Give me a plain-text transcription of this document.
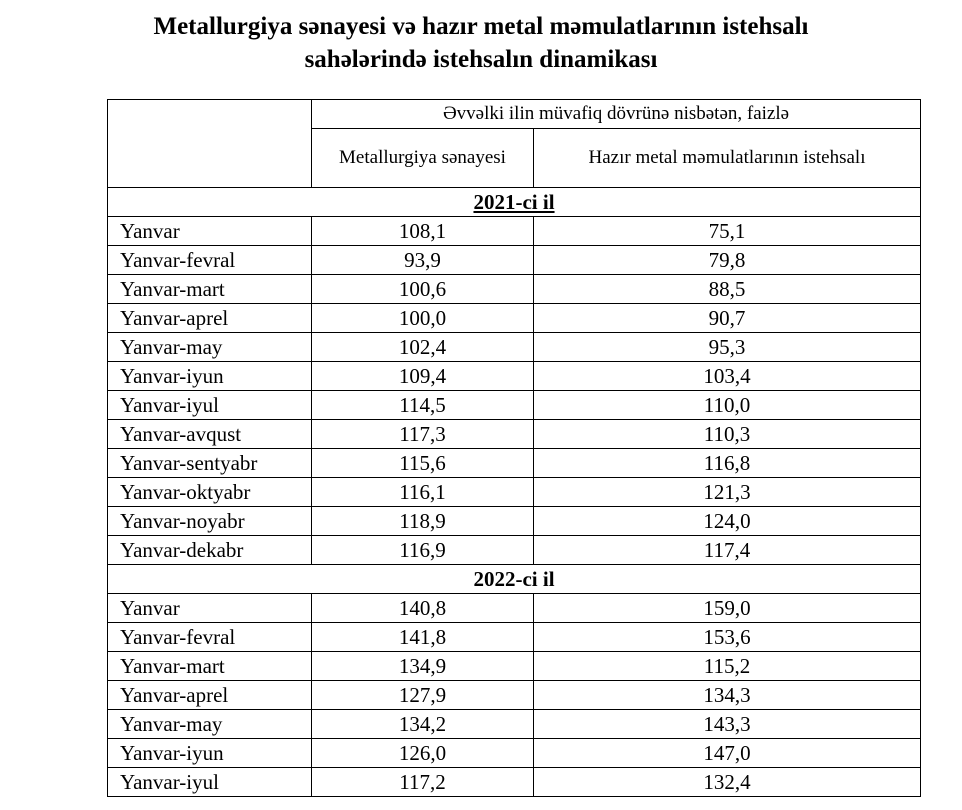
Metallurgiya sənayesi və hazır metal məmulatlarının istehsalı
sahələrində istehsalın dinamikası
	Əvvəlki ilin müvafiq dövrünə nisbətən, faizlə	
	Metallurgiya sənayesi	Hazır metal məmulatlarının istehsalı
2021-ci il		
Yanvar	108,1	75,1
Yanvar-fevral	93,9	79,8
Yanvar-mart	100,6	88,5
Yanvar-aprel	100,0	90,7
Yanvar-may	102,4	95,3
Yanvar-iyun	109,4	103,4
Yanvar-iyul	114,5	110,0
Yanvar-avqust	117,3	110,3
Yanvar-sentyabr	115,6	116,8
Yanvar-oktyabr	116,1	121,3
Yanvar-noyabr	118,9	124,0
Yanvar-dekabr	116,9	117,4
2022-ci il		
Yanvar	140,8	159,0
Yanvar-fevral	141,8	153,6
Yanvar-mart	134,9	115,2
Yanvar-aprel	127,9	134,3
Yanvar-may	134,2	143,3
Yanvar-iyun	126,0	147,0
Yanvar-iyul	117,2	132,4
